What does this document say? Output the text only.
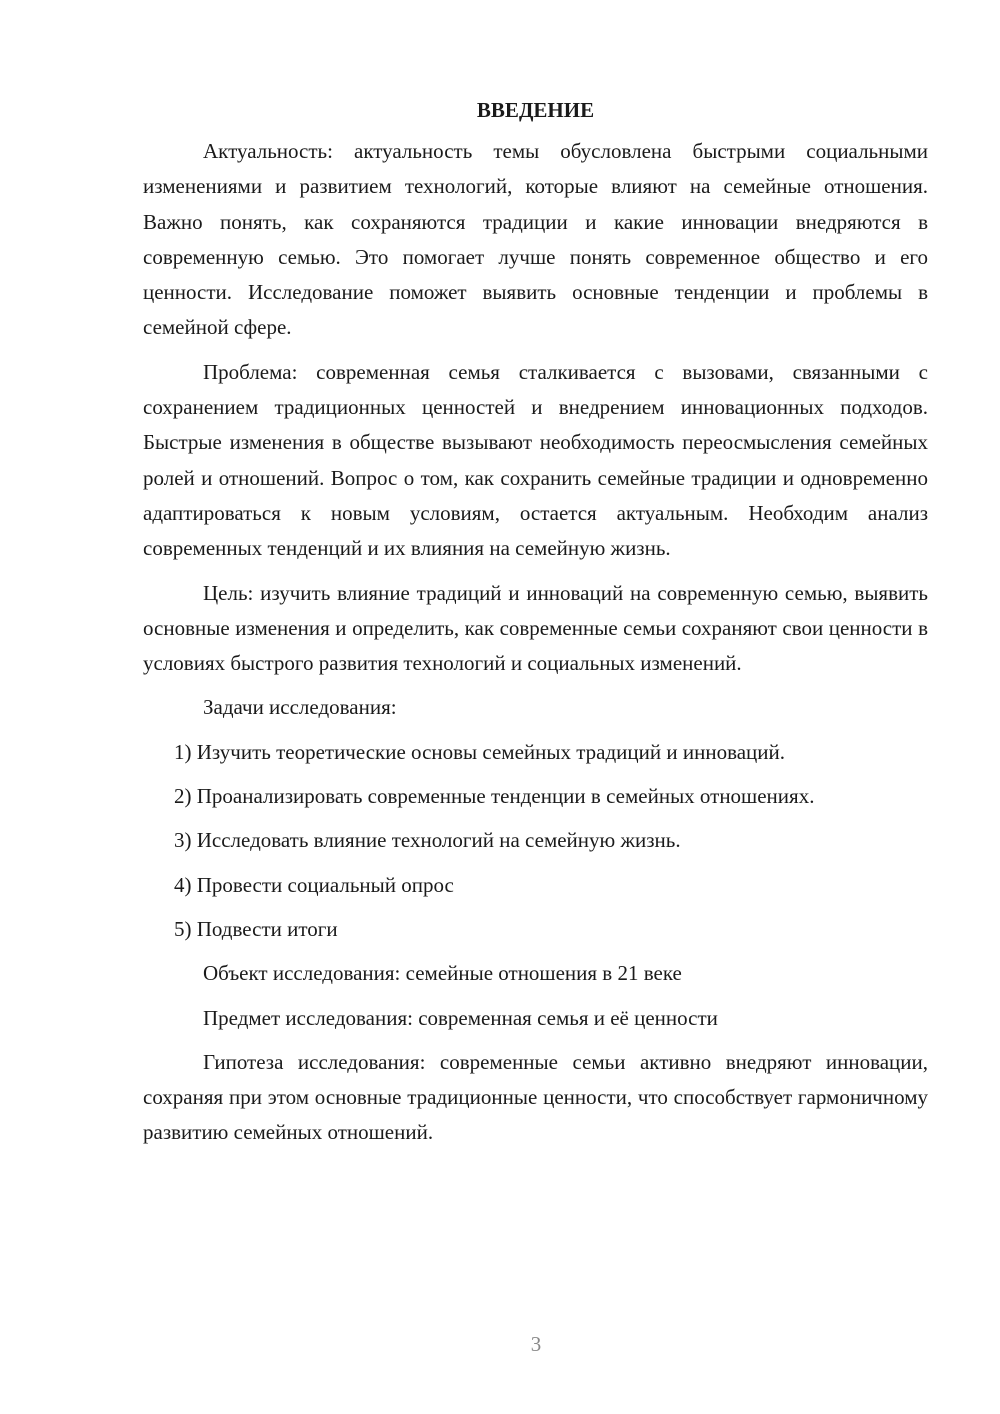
ВВЕДЕНИЕ

Актуальность: актуальность темы обусловлена быстрыми социальными изменениями и развитием технологий, которые влияют на семейные отношения. Важно понять, как сохраняются традиции и какие инновации внедряются в современную семью. Это помогает лучше понять современное общество и его ценности. Исследование поможет выявить основные тенденции и проблемы в семейной сфере.

Проблема: современная семья сталкивается с вызовами, связанными с сохранением традиционных ценностей и внедрением инновационных подходов. Быстрые изменения в обществе вызывают необходимость переосмысления семейных ролей и отношений. Вопрос о том, как сохранить семейные традиции и одновременно адаптироваться к новым условиям, остается актуальным. Необходим анализ современных тенденций и их влияния на семейную жизнь.

Цель: изучить влияние традиций и инноваций на современную семью, выявить основные изменения и определить, как современные семьи сохраняют свои ценности в условиях быстрого развития технологий и социальных изменений.

Задачи исследования:

1) Изучить теоретические основы семейных традиций и инноваций.

2) Проанализировать современные тенденции в семейных отношениях.

3) Исследовать влияние технологий на семейную жизнь.

4) Провести социальный опрос

5) Подвести итоги

Объект исследования: семейные отношения в 21 веке

Предмет исследования: современная семья и её ценности

Гипотеза исследования: современные семьи активно внедряют инновации, сохраняя при этом основные традиционные ценности, что способствует гармоничному развитию семейных отношений.

3
